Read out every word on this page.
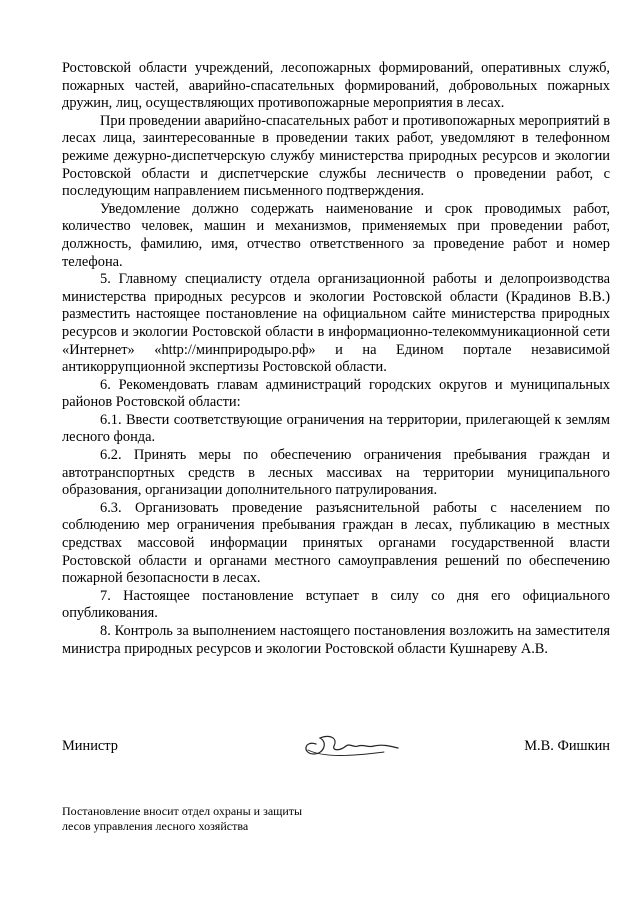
Ростовской области учреждений, лесопожарных формирований, оперативных служб, пожарных частей, аварийно-спасательных формирований, добровольных пожарных дружин, лиц, осуществляющих противопожарные мероприятия в лесах.

При проведении аварийно-спасательных работ и противопожарных мероприятий в лесах лица, заинтересованные в проведении таких работ, уведомляют в телефонном режиме дежурно-диспетчерскую службу министерства природных ресурсов и экологии Ростовской области и диспетчерские службы лесничеств о проведении работ, с последующим направлением письменного подтверждения.

Уведомление должно содержать наименование и срок проводимых работ, количество человек, машин и механизмов, применяемых при проведении работ, должность, фамилию, имя, отчество ответственного за проведение работ и номер телефона.

5. Главному специалисту отдела организационной работы и делопроизводства министерства природных ресурсов и экологии Ростовской области (Крадинов В.В.) разместить настоящее постановление на официальном сайте министерства природных ресурсов и экологии Ростовской области в информационно-телекоммуникационной сети «Интернет» «http://минприродыро.рф» и на Едином портале независимой антикоррупционной экспертизы Ростовской области.

6. Рекомендовать главам администраций городских округов и муниципальных районов Ростовской области:

6.1. Ввести соответствующие ограничения на территории, прилегающей к землям лесного фонда.

6.2. Принять меры по обеспечению ограничения пребывания граждан и автотранспортных средств в лесных массивах на территории муниципального образования, организации дополнительного патрулирования.

6.3. Организовать проведение разъяснительной работы с населением по соблюдению мер ограничения пребывания граждан в лесах, публикацию в местных средствах массовой информации принятых органами государственной власти Ростовской области и органами местного самоуправления решений по обеспечению пожарной безопасности в лесах.

7. Настоящее постановление вступает в силу со дня его официального опубликования.

8. Контроль за выполнением настоящего постановления возложить на заместителя министра природных ресурсов и экологии Ростовской области Кушнареву А.В.

Министр	М.В. Фишкин
Постановление вносит отдел охраны и защиты
лесов управления лесного хозяйства
